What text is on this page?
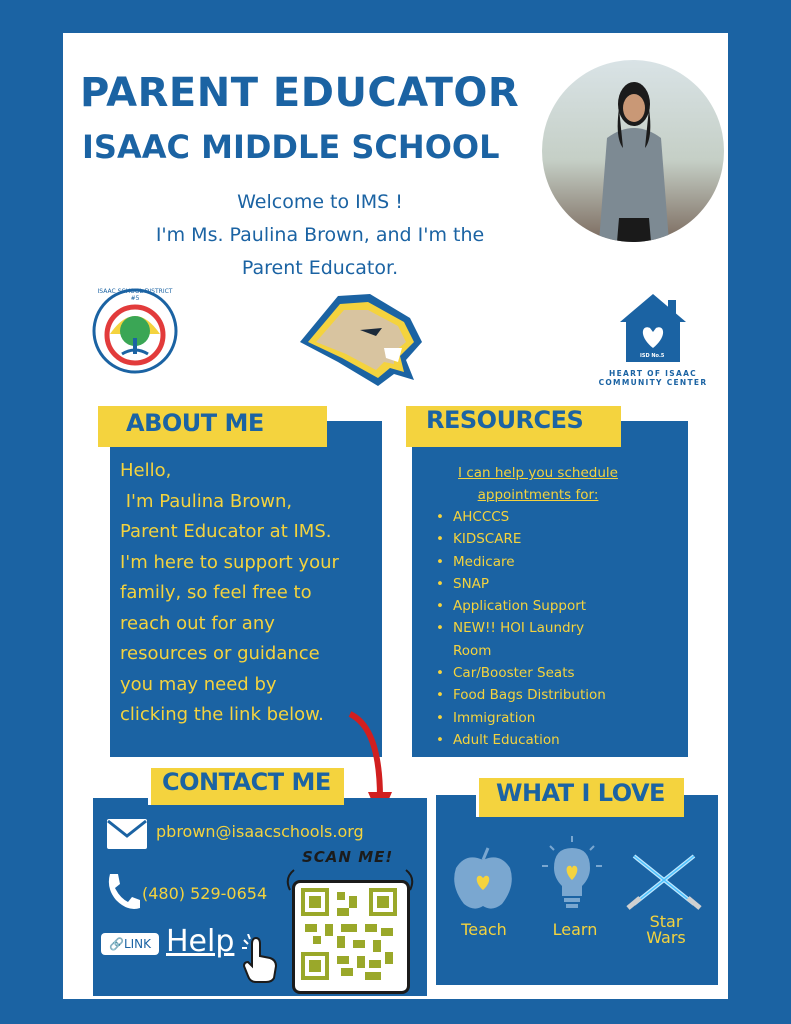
PARENT EDUCATOR
ISAAC MIDDLE SCHOOL
Welcome to IMS !
I'm Ms. Paulina Brown, and I'm the
Parent Educator.
ISAAC SCHOOL DISTRICT #5
ISD No.5
HEART OF ISAAC
COMMUNITY CENTER
ABOUT ME
Hello,
I'm Paulina Brown,
Parent Educator at IMS.
I'm here to support your
family, so feel free to
reach out for any
resources or guidance
you may need by
clicking the link below.
RESOURCES
I can help you schedule
appointments for:
• AHCCCS
• KIDSCARE
• Medicare
• SNAP
• Application Support
• NEW!! HOI Laundry
Room
• Car/Booster Seats
• Food Bags Distribution
• Immigration
• Adult Education
CONTACT ME
pbrown@isaacschools.org
(480) 529-0654
🔗LINK Help
SCAN ME!
WHAT I LOVE
Teach	Learn	Star
Wars
